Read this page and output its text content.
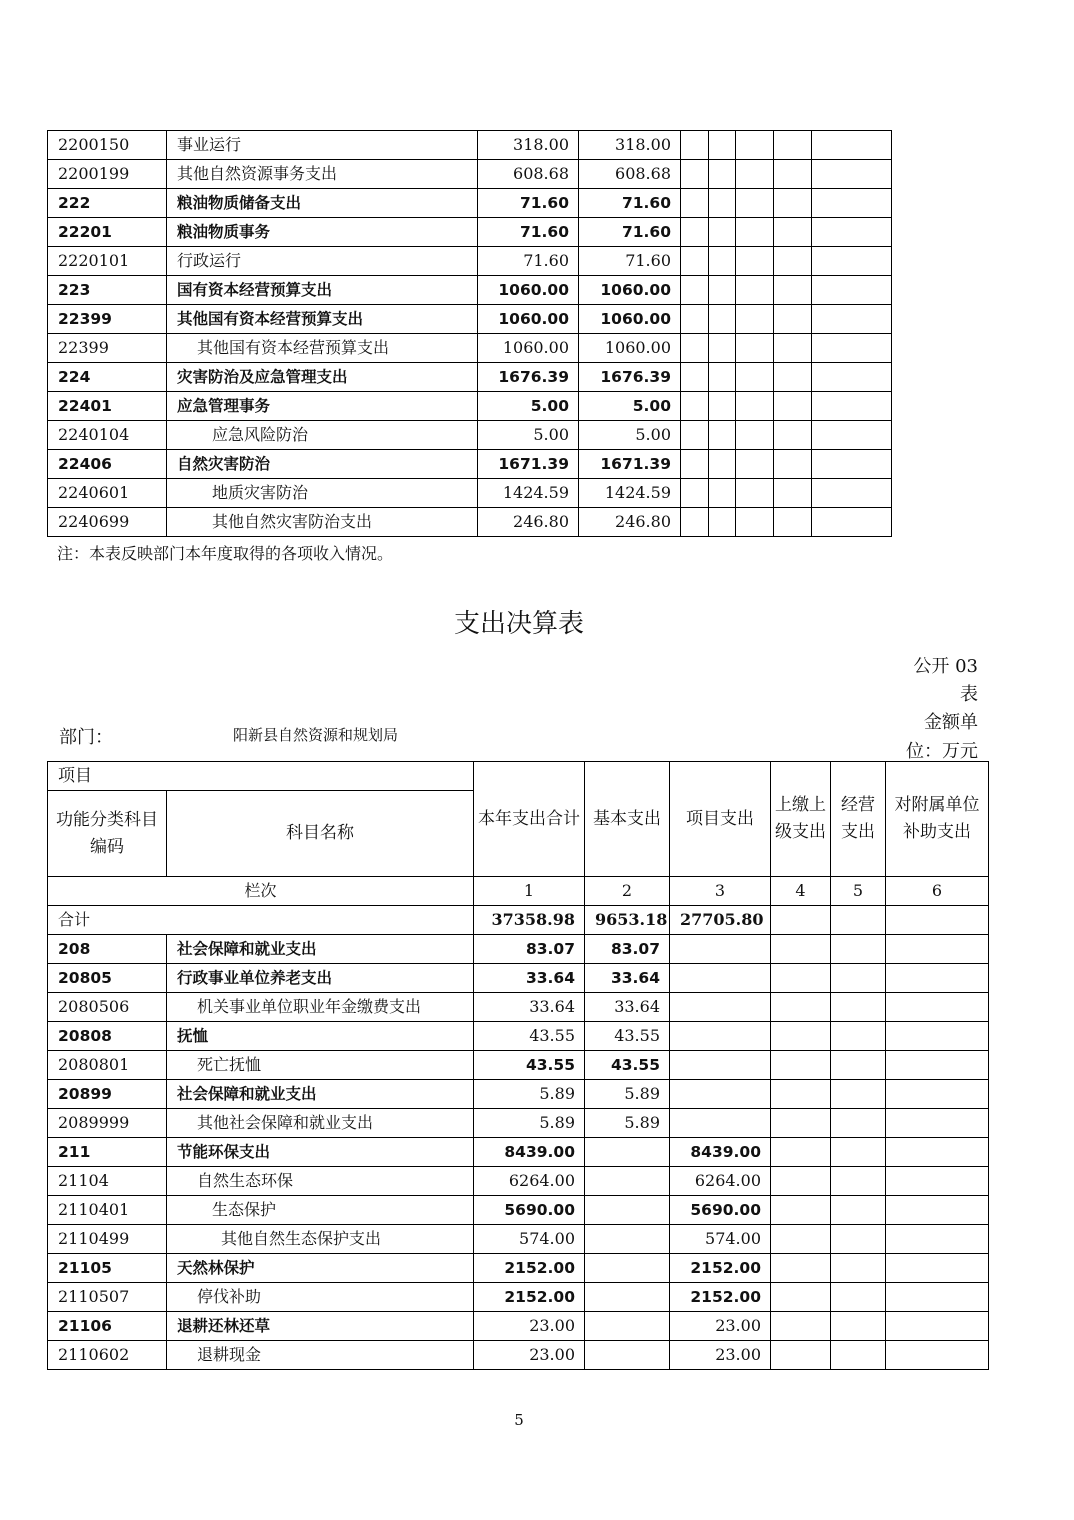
2200150	事业运行	318.00	318.00					
2200199	其他自然资源事务支出	608.68	608.68					
222	粮油物质储备支出	71.60	71.60					
22201	粮油物质事务	71.60	71.60					
2220101	行政运行	71.60	71.60					
223	国有资本经营预算支出	1060.00	1060.00					
22399	其他国有资本经营预算支出	1060.00	1060.00					
22399	其他国有资本经营预算支出	1060.00	1060.00					
224	灾害防治及应急管理支出	1676.39	1676.39					
22401	应急管理事务	5.00	5.00					
2240104	应急风险防治	5.00	5.00					
22406	自然灾害防治	1671.39	1671.39					
2240601	地质灾害防治	1424.59	1424.59					
2240699	其他自然灾害防治支出	246.80	246.80					
注：本表反映部门本年度取得的各项收入情况。
支出决算表
公开 03
表
金额单
位：万元
部门：	阳新县自然资源和规划局
项目		本年支出合计	基本支出	项目支出	上缴上级支出	经营支出	对附属单位补助支出
功能分类科目编码	科目名称						
栏次		1	2	3	4	5	6
合计		37358.98	9653.18	27705.80			
208	社会保障和就业支出	83.07	83.07				
20805	行政事业单位养老支出	33.64	33.64				
2080506	机关事业单位职业年金缴费支出	33.64	33.64				
20808	抚恤	43.55	43.55				
2080801	死亡抚恤	43.55	43.55				
20899	社会保障和就业支出	5.89	5.89				
2089999	其他社会保障和就业支出	5.89	5.89				
211	节能环保支出	8439.00		8439.00			
21104	自然生态环保	6264.00		6264.00			
2110401	生态保护	5690.00		5690.00			
2110499	其他自然生态保护支出	574.00		574.00			
21105	天然林保护	2152.00		2152.00			
2110507	停伐补助	2152.00		2152.00			
21106	退耕还林还草	23.00		23.00			
2110602	退耕现金	23.00		23.00			
5
